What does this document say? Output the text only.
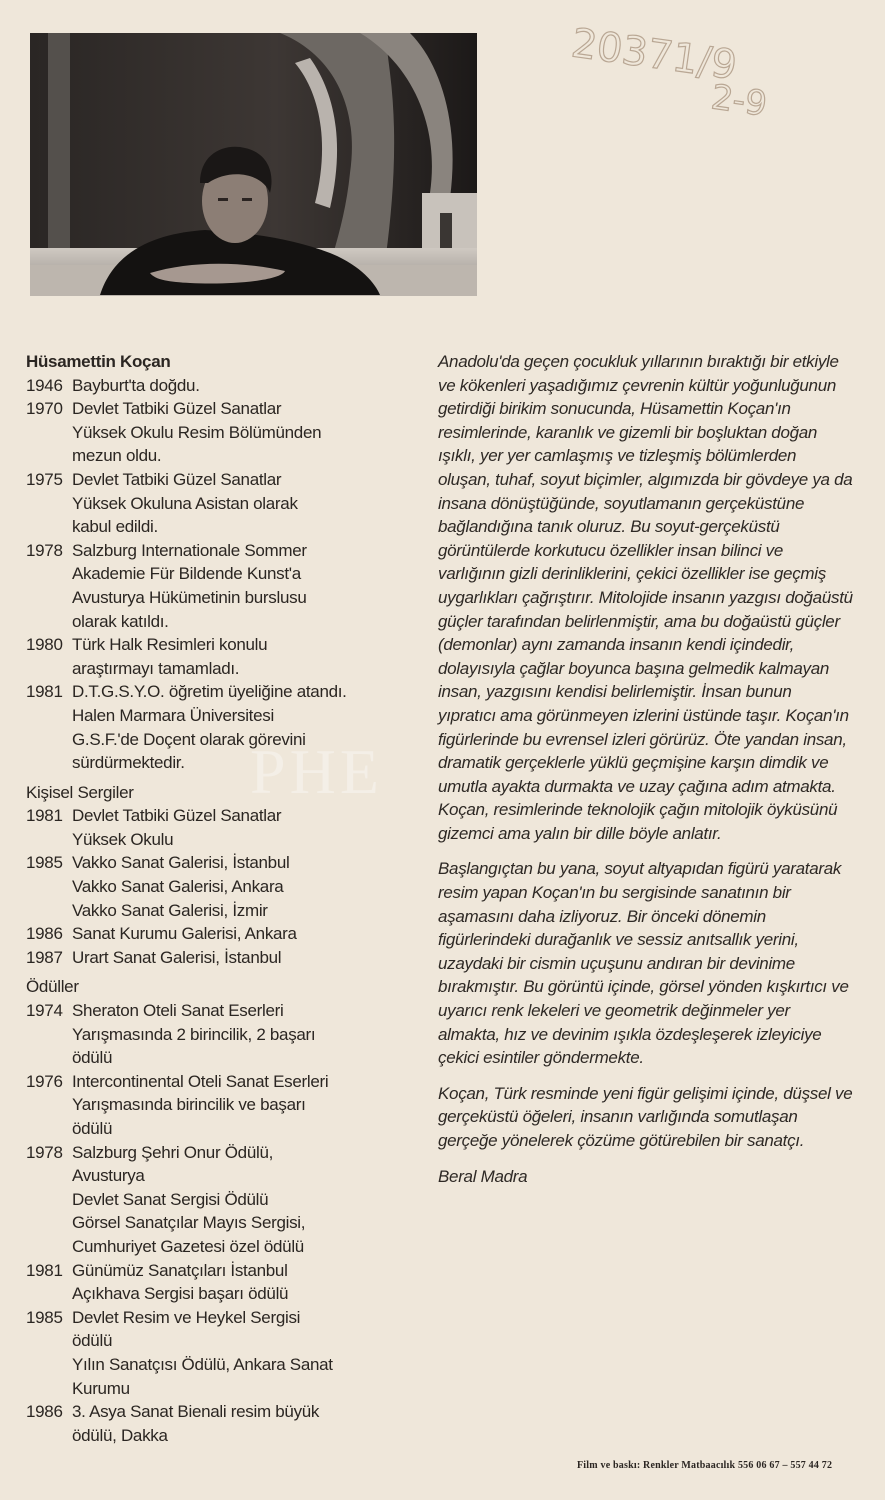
20371/9
2-9
PHE
Hüsamettin Koçan
1946 Bayburt'ta doğdu.
1970 Devlet Tatbiki Güzel Sanatlar
Yüksek Okulu Resim Bölümünden
mezun oldu.
1975 Devlet Tatbiki Güzel Sanatlar
Yüksek Okuluna Asistan olarak
kabul edildi.
1978 Salzburg Internationale Sommer
Akademie Für Bildende Kunst'a
Avusturya Hükümetinin burslusu
olarak katıldı.
1980 Türk Halk Resimleri konulu
araştırmayı tamamladı.
1981 D.T.G.S.Y.O. öğretim üyeliğine atandı.
Halen Marmara Üniversitesi
G.S.F.'de Doçent olarak görevini
sürdürmektedir.
Kişisel Sergiler
1981 Devlet Tatbiki Güzel Sanatlar
Yüksek Okulu
1985 Vakko Sanat Galerisi, İstanbul
Vakko Sanat Galerisi, Ankara
Vakko Sanat Galerisi, İzmir
1986 Sanat Kurumu Galerisi, Ankara
1987 Urart Sanat Galerisi, İstanbul
Ödüller
1974 Sheraton Oteli Sanat Eserleri
Yarışmasında 2 birincilik, 2 başarı
ödülü
1976 Intercontinental Oteli Sanat Eserleri
Yarışmasında birincilik ve başarı
ödülü
1978 Salzburg Şehri Onur Ödülü,
Avusturya
Devlet Sanat Sergisi Ödülü
Görsel Sanatçılar Mayıs Sergisi,
Cumhuriyet Gazetesi özel ödülü
1981 Günümüz Sanatçıları İstanbul
Açıkhava Sergisi başarı ödülü
1985 Devlet Resim ve Heykel Sergisi
ödülü
Yılın Sanatçısı Ödülü, Ankara Sanat
Kurumu
1986 3. Asya Sanat Bienali resim büyük
ödülü, Dakka

Anadolu'da geçen çocukluk yıllarının bıraktığı bir etkiyle ve kökenleri yaşadığımız çevrenin kültür yoğunluğunun getirdiği birikim sonucunda, Hüsamettin Koçan'ın resimlerinde, karanlık ve gizemli bir boşluktan doğan ışıklı, yer yer camlaşmış ve tizleşmiş bölümlerden oluşan, tuhaf, soyut biçimler, algımızda bir gövdeye ya da insana dönüştüğünde, soyutlamanın gerçeküstüne bağlandığına tanık oluruz. Bu soyut-gerçeküstü görüntülerde korkutucu özellikler insan bilinci ve varlığının gizli derinliklerini, çekici özellikler ise geçmiş uygarlıkları çağrıştırır. Mitolojide insanın yazgısı doğaüstü güçler tarafından belirlenmiştir, ama bu doğaüstü güçler (demonlar) aynı zamanda insanın kendi içindedir, dolayısıyla çağlar boyunca başına gelmedik kalmayan insan, yazgısını kendisi belirlemiştir. İnsan bunun yıpratıcı ama görünmeyen izlerini üstünde taşır. Koçan'ın figürlerinde bu evrensel izleri görürüz. Öte yandan insan, dramatik gerçeklerle yüklü geçmişine karşın dimdik ve umutla ayakta durmakta ve uzay çağına adım atmakta. Koçan, resimlerinde teknolojik çağın mitolojik öyküsünü gizemci ama yalın bir dille böyle anlatır.

Başlangıçtan bu yana, soyut altyapıdan figürü yaratarak resim yapan Koçan'ın bu sergisinde sanatının bir aşamasını daha izliyoruz. Bir önceki dönemin figürlerindeki durağanlık ve sessiz anıtsallık yerini, uzaydaki bir cismin uçuşunu andıran bir devinime bırakmıştır. Bu görüntü içinde, görsel yönden kışkırtıcı ve uyarıcı renk lekeleri ve geometrik değinmeler yer almakta, hız ve devinim ışıkla özdeşleşerek izleyiciye çekici esintiler göndermekte.

Koçan, Türk resminde yeni figür gelişimi içinde, düşsel ve gerçeküstü öğeleri, insanın varlığında somutlaşan gerçeğe yönelerek çözüme götürebilen bir sanatçı.

Beral Madra

Film ve baskı: Renkler Matbaacılık 556 06 67 – 557 44 72
